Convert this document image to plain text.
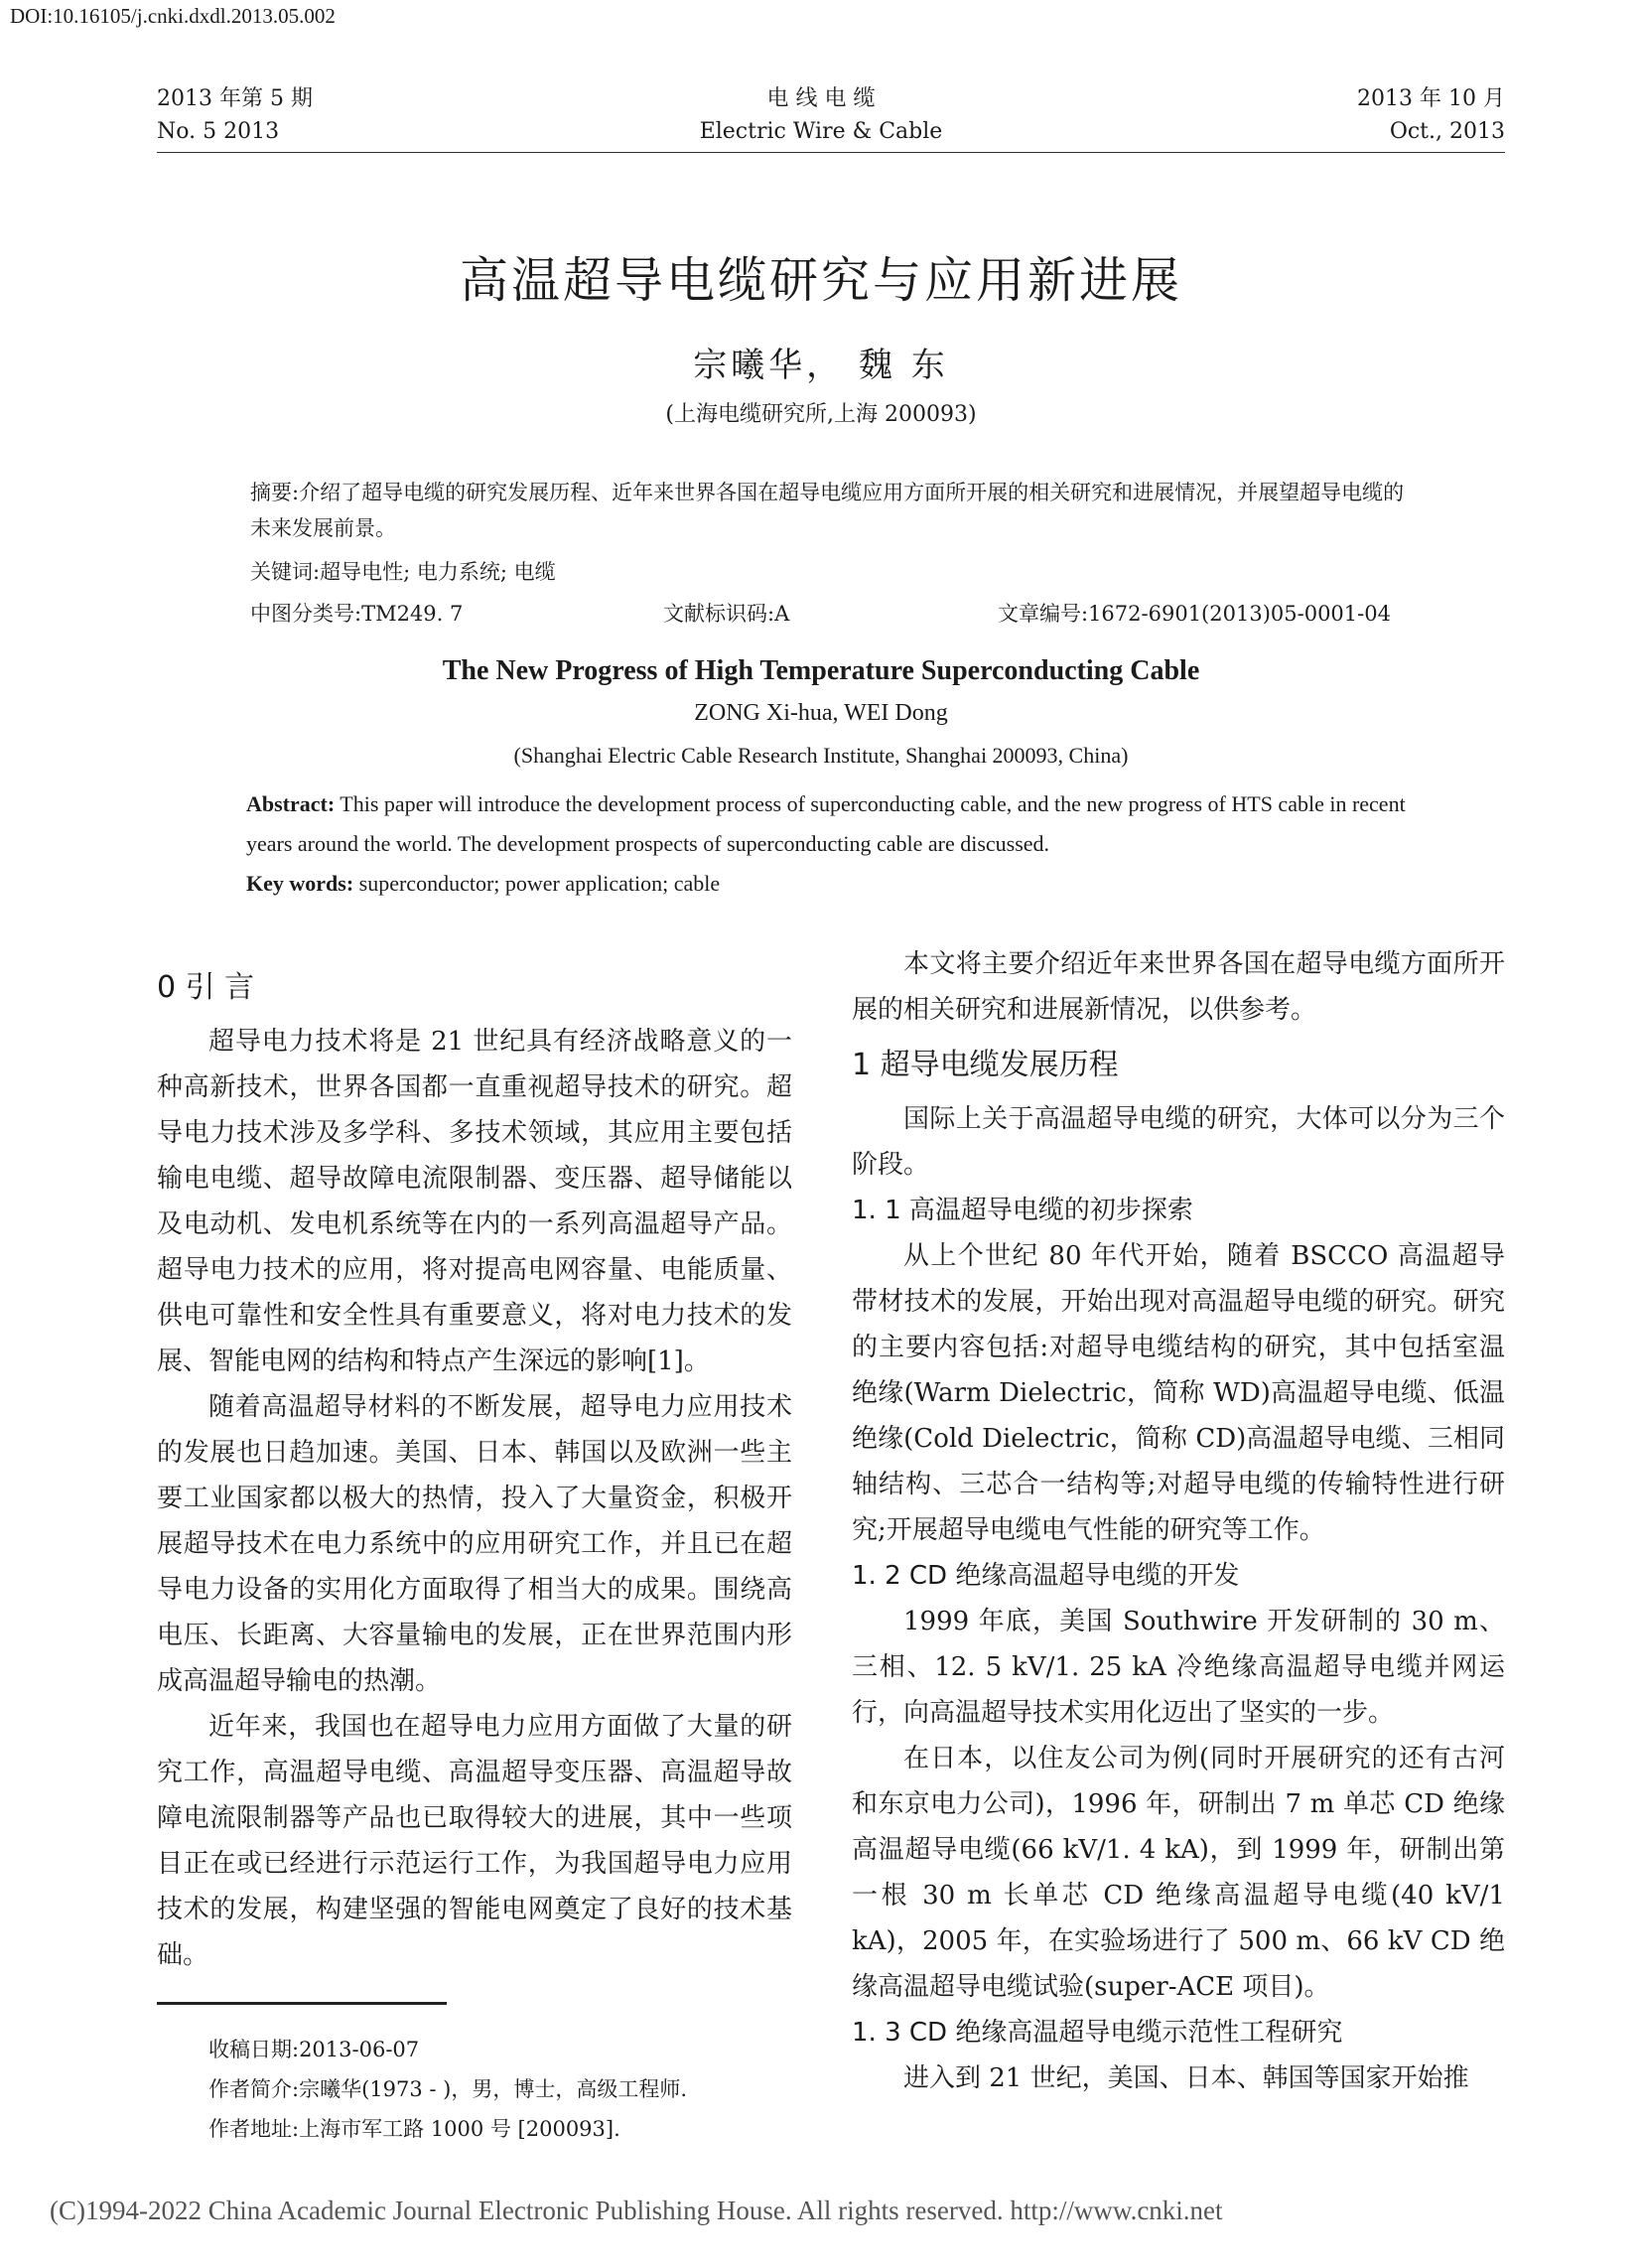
DOI:10.16105/j.cnki.dxdl.2013.05.002
2013 年第 5 期
No. 5 2013
电 线 电 缆
Electric Wire & Cable
2013 年 10 月
Oct., 2013
高温超导电缆研究与应用新进展
宗曦华， 魏 东
(上海电缆研究所,上海 200093)
摘要:介绍了超导电缆的研究发展历程、近年来世界各国在超导电缆应用方面所开展的相关研究和进展情况，并展望超导电缆的未来发展前景。
关键词:超导电性; 电力系统; 电缆
中图分类号:TM249. 7	文献标识码:A	文章编号:1672-6901(2013)05-0001-04
The New Progress of High Temperature Superconducting Cable
ZONG Xi-hua, WEI Dong
(Shanghai Electric Cable Research Institute, Shanghai 200093, China)
Abstract: This paper will introduce the development process of superconducting cable, and the new progress of HTS cable in recent years around the world. The development prospects of superconducting cable are discussed.
Key words: superconductor; power application; cable
0 引 言

超导电力技术将是 21 世纪具有经济战略意义的一种高新技术，世界各国都一直重视超导技术的研究。超导电力技术涉及多学科、多技术领域，其应用主要包括输电电缆、超导故障电流限制器、变压器、超导储能以及电动机、发电机系统等在内的一系列高温超导产品。超导电力技术的应用，将对提高电网容量、电能质量、供电可靠性和安全性具有重要意义，将对电力技术的发展、智能电网的结构和特点产生深远的影响[1]。

随着高温超导材料的不断发展，超导电力应用技术的发展也日趋加速。美国、日本、韩国以及欧洲一些主要工业国家都以极大的热情，投入了大量资金，积极开展超导技术在电力系统中的应用研究工作，并且已在超导电力设备的实用化方面取得了相当大的成果。围绕高电压、长距离、大容量输电的发展，正在世界范围内形成高温超导输电的热潮。

近年来，我国也在超导电力应用方面做了大量的研究工作，高温超导电缆、高温超导变压器、高温超导故障电流限制器等产品也已取得较大的进展，其中一些项目正在或已经进行示范运行工作，为我国超导电力应用技术的发展，构建坚强的智能电网奠定了良好的技术基础。

本文将主要介绍近年来世界各国在超导电缆方面所开展的相关研究和进展新情况，以供参考。

1 超导电缆发展历程

国际上关于高温超导电缆的研究，大体可以分为三个阶段。

1. 1 高温超导电缆的初步探索

从上个世纪 80 年代开始，随着 BSCCO 高温超导带材技术的发展，开始出现对高温超导电缆的研究。研究的主要内容包括:对超导电缆结构的研究，其中包括室温绝缘(Warm Dielectric，简称 WD)高温超导电缆、低温绝缘(Cold Dielectric，简称 CD)高温超导电缆、三相同轴结构、三芯合一结构等;对超导电缆的传输特性进行研究;开展超导电缆电气性能的研究等工作。

1. 2 CD 绝缘高温超导电缆的开发

1999 年底，美国 Southwire 开发研制的 30 m、三相、12. 5 kV/1. 25 kA 冷绝缘高温超导电缆并网运行，向高温超导技术实用化迈出了坚实的一步。

在日本，以住友公司为例(同时开展研究的还有古河和东京电力公司)，1996 年，研制出 7 m 单芯 CD 绝缘高温超导电缆(66 kV/1. 4 kA)，到 1999 年，研制出第一根 30 m 长单芯 CD 绝缘高温超导电缆(40 kV/1 kA)，2005 年，在实验场进行了 500 m、66 kV CD 绝缘高温超导电缆试验(super-ACE 项目)。

1. 3 CD 绝缘高温超导电缆示范性工程研究

进入到 21 世纪，美国、日本、韩国等国家开始推

收稿日期:2013-06-07
作者简介:宗曦华(1973 - )，男，博士，高级工程师.
作者地址:上海市军工路 1000 号 [200093].
(C)1994-2022 China Academic Journal Electronic Publishing House. All rights reserved. http://www.cnki.net
